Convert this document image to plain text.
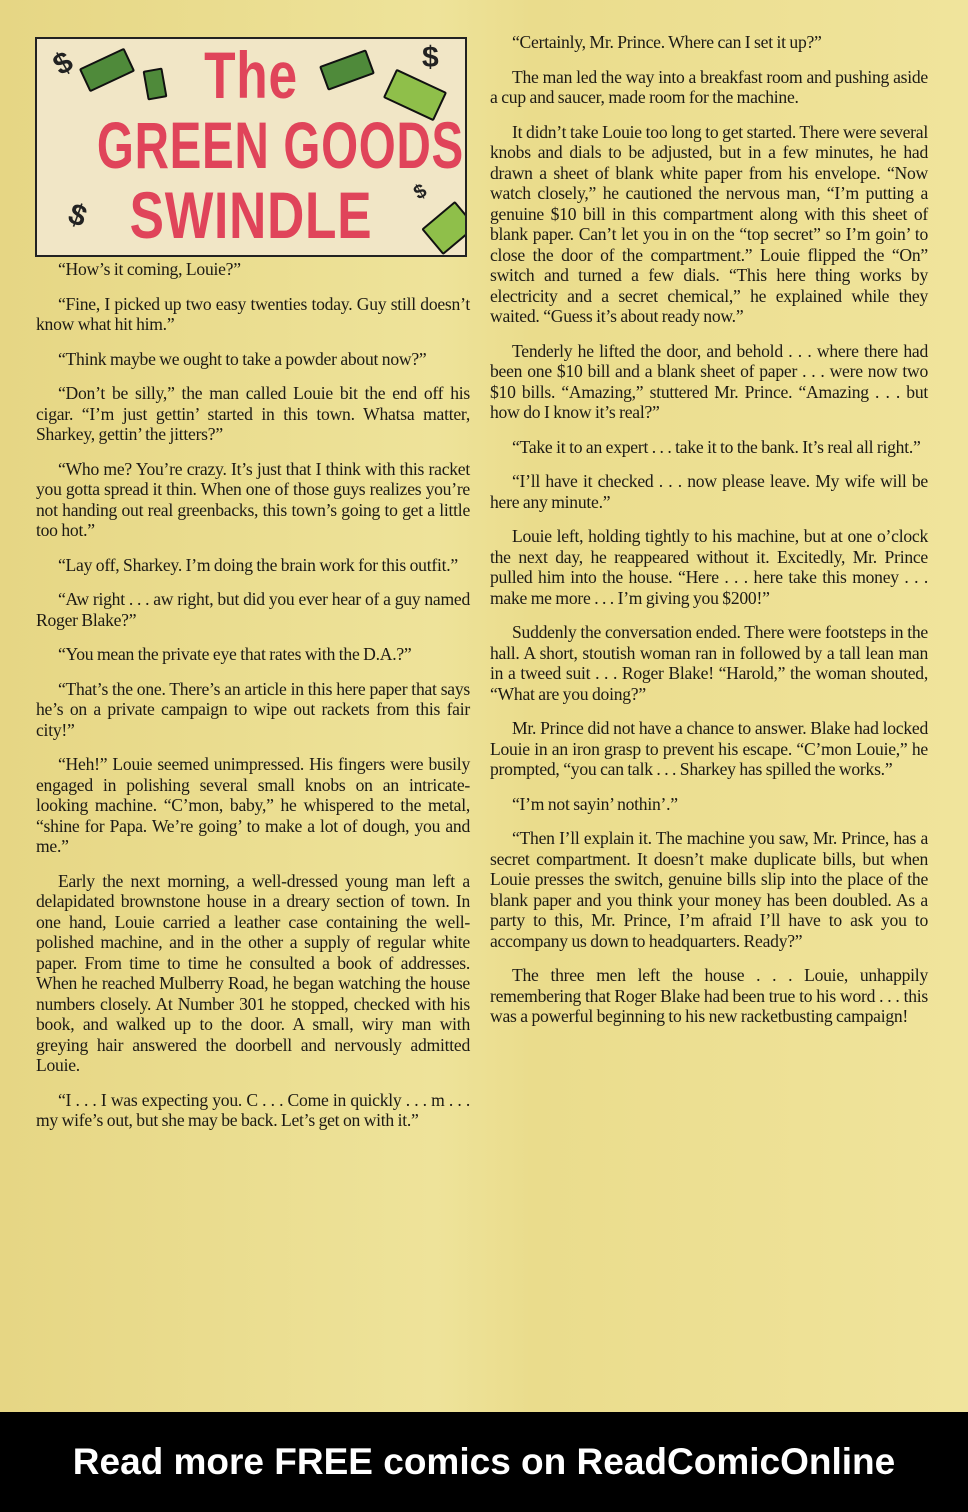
$	$
$
$
The
GREEN GOODS
SWINDLE

“How’s it coming, Louie?”

“Fine, I picked up two easy twenties today. Guy still doesn’t know what hit him.”

“Think maybe we ought to take a powder about now?”

“Don’t be silly,” the man called Louie bit the end off his cigar. “I’m just gettin’ started in this town. Whatsa matter, Sharkey, gettin’ the jitters?”

“Who me? You’re crazy. It’s just that I think with this racket you gotta spread it thin. When one of those guys realizes you’re not handing out real greenbacks, this town’s going to get a little too hot.”

“Lay off, Sharkey. I’m doing the brain work for this outfit.”

“Aw right . . . aw right, but did you ever hear of a guy named Roger Blake?”

“You mean the private eye that rates with the D.A.?”

“That’s the one. There’s an article in this here paper that says he’s on a private campaign to wipe out rackets from this fair city!”

“Heh!” Louie seemed unimpressed. His fingers were busily engaged in polishing several small knobs on an intricate-looking machine. “C’mon, baby,” he whispered to the metal, “shine for Papa. We’re going’ to make a lot of dough, you and me.”

Early the next morning, a well-dressed young man left a delapidated brownstone house in a dreary section of town. In one hand, Louie carried a leather case containing the well-polished machine, and in the other a supply of regular white paper. From time to time he consulted a book of addresses. When he reached Mulberry Road, he began watching the house numbers closely. At Number 301 he stopped, checked with his book, and walked up to the door. A small, wiry man with greying hair answered the doorbell and nervously admitted Louie.

“I . . . I was expecting you. C . . . Come in quickly . . . m . . . my wife’s out, but she may be back. Let’s get on with it.”

“Certainly, Mr. Prince. Where can I set it up?”

The man led the way into a breakfast room and pushing aside a cup and saucer, made room for the machine.

It didn’t take Louie too long to get started. There were several knobs and dials to be adjusted, but in a few minutes, he had drawn a sheet of blank white paper from his envelope. “Now watch closely,” he cautioned the nervous man, “I’m putting a genuine $10 bill in this compartment along with this sheet of blank paper. Can’t let you in on the “top secret” so I’m goin’ to close the door of the compartment.” Louie flipped the “On” switch and turned a few dials. “This here thing works by electricity and a secret chemical,” he explained while they waited. “Guess it’s about ready now.”

Tenderly he lifted the door, and behold . . . where there had been one $10 bill and a blank sheet of paper . . . were now two $10 bills. “Amazing,” stuttered Mr. Prince. “Amazing . . . but how do I know it’s real?”

“Take it to an expert . . . take it to the bank. It’s real all right.”

“I’ll have it checked . . . now please leave. My wife will be here any minute.”

Louie left, holding tightly to his machine, but at one o’clock the next day, he reappeared without it. Excitedly, Mr. Prince pulled him into the house. “Here . . . here take this money . . . make me more . . . I’m giving you $200!”

Suddenly the conversation ended. There were footsteps in the hall. A short, stoutish woman ran in followed by a tall lean man in a tweed suit . . . Roger Blake! “Harold,” the woman shouted, “What are you doing?”

Mr. Prince did not have a chance to answer. Blake had locked Louie in an iron grasp to prevent his escape. “C’mon Louie,” he prompted, “you can talk . . . Sharkey has spilled the works.”

“I’m not sayin’ nothin’.”

“Then I’ll explain it. The machine you saw, Mr. Prince, has a secret compartment. It doesn’t make duplicate bills, but when Louie presses the switch, genuine bills slip into the place of the blank paper and you think your money has been doubled. As a party to this, Mr. Prince, I’m afraid I’ll have to ask you to accompany us down to headquarters. Ready?”

The three men left the house . . . Louie, unhappily remembering that Roger Blake had been true to his word . . . this was a powerful beginning to his new racketbusting campaign!

Read more FREE comics on ReadComicOnline
